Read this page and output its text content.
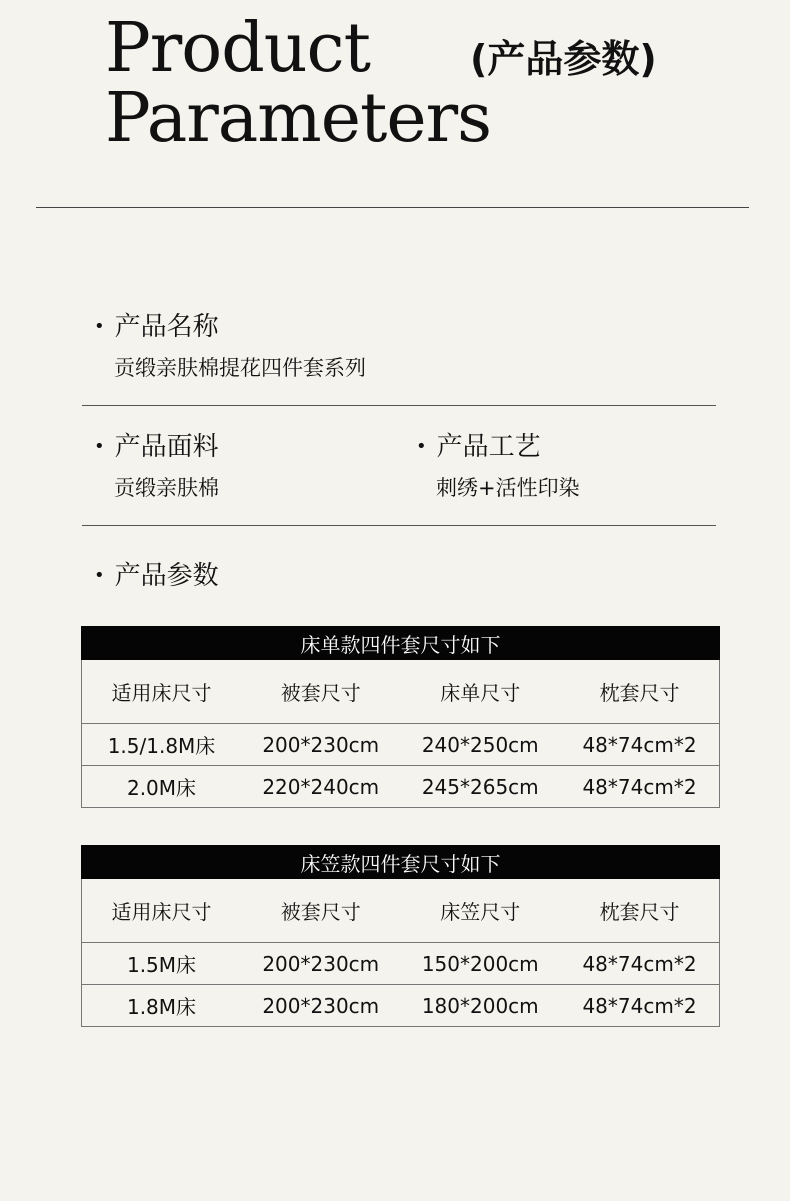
Product
Parameters
(产品参数)
• 产品名称
贡缎亲肤棉提花四件套系列
• 产品面料
贡缎亲肤棉
• 产品工艺
刺绣+活性印染
• 产品参数
床单款四件套尺寸如下			
适用床尺寸	被套尺寸	床单尺寸	枕套尺寸
1.5/1.8M床	200*230cm	240*250cm	48*74cm*2
2.0M床	220*240cm	245*265cm	48*74cm*2
床笠款四件套尺寸如下			
适用床尺寸	被套尺寸	床笠尺寸	枕套尺寸
1.5M床	200*230cm	150*200cm	48*74cm*2
1.8M床	200*230cm	180*200cm	48*74cm*2
